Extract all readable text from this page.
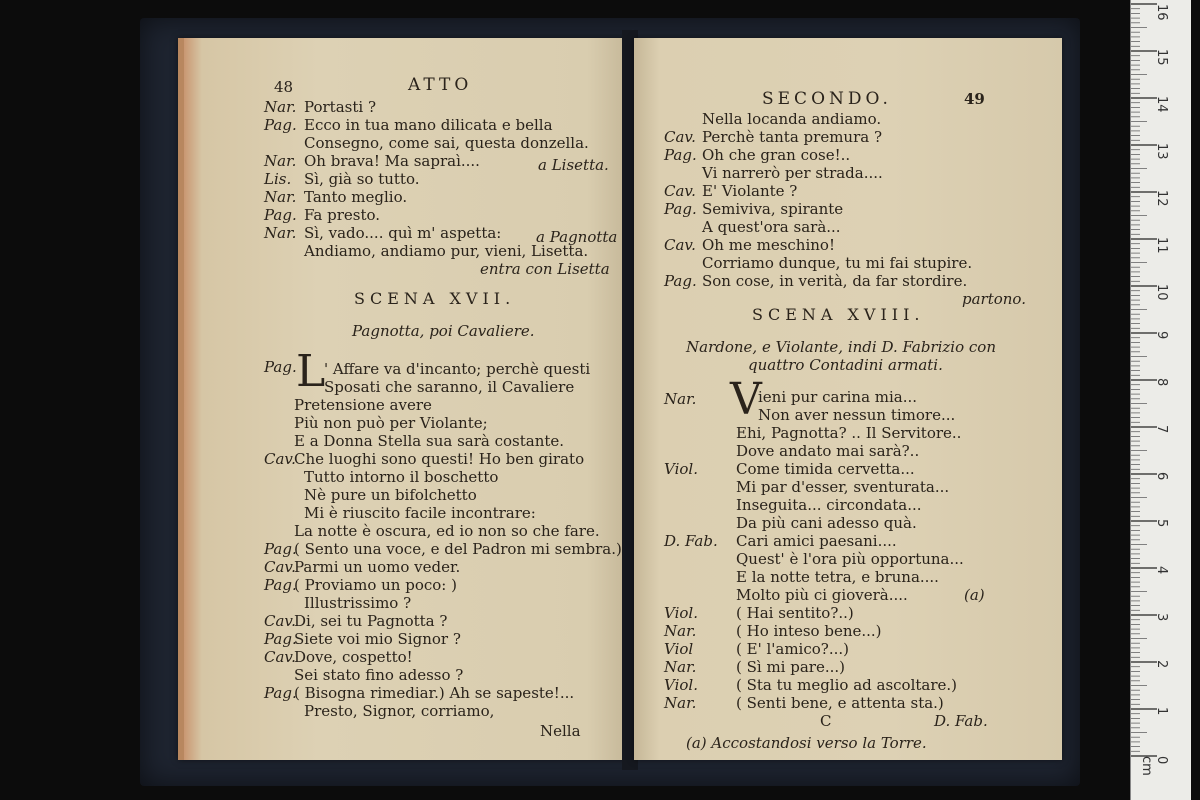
48	ATTO
Nar. Portasti ?
Pag. Ecco in tua mano dilicata e bella
Consegno, come sai, questa donzella.
Nar. Oh brava! Ma sapraì....	a Lisetta.
Lis. Sì, già so tutto.
Nar. Tanto meglio.
Pag. Fa presto.
Nar. Sì, vado.... quì m' aspetta: a Pagnotta
Andiamo, andiamo pur, vieni, Lisetta.
entra con Lisetta
SCENA XVII.
Pagnotta, poi Cavaliere.
Pag. L
' Affare va d'incanto; perchè questi
Sposati che saranno, il Cavaliere
Pretensione avere
Più non può per Violante;
E a Donna Stella sua sarà costante.
Cav.
Che luoghi sono questi! Ho ben girato
Tutto intorno il boschetto
Nè pure un bifolchetto
Mi è riuscito facile incontrare:
La notte è oscura, ed io non so che fare.
Pag.
( Sento una voce, e del Padron mi sembra.)
Cav.
Parmi un uomo veder.
Pag.
( Proviamo un poco: )
Illustrissimo ?
Cav.
Di, sei tu Pagnotta ?
Pag.
Siete voi mio Signor ?
Cav.
Dove, cospetto!
Sei stato fino adesso ?
Pag.
( Bisogna rimediar.) Ah se sapeste!...
Presto, Signor, corriamo,
Nella
SECONDO.	49
Nella locanda andiamo.
Cav. Perchè tanta premura ?
Pag. Oh che gran cose!..
Vi narrerò per strada....
Cav. E' Violante ?
Pag. Semiviva, spirante
A quest'ora sarà...
Cav. Oh me meschino!
Corriamo dunque, tu mi fai stupire.
Pag. Son cose, in verità, da far stordire.
partono.
SCENA XVIII.
Nardone, e Violante, indi D. Fabrizio con
quattro Contadini armati.
Nar. V
ieni pur carina mia...
Non aver nessun timore...
Ehi, Pagnotta? .. Il Servitore..
Dove andato mai sarà?..
Viol.	Come timida cervetta...
Mi par d'esser, sventurata...
Inseguita... circondata...
Da più cani adesso quà.
D. Fab. Cari amici paesani....
Quest' è l'ora più opportuna...
E la notte tetra, e bruna....
Molto più ci gioverà....	(a)
Viol.	( Hai sentito?..)
Nar.	( Ho inteso bene...)
Viol	( E' l'amico?...)
Nar.	( Sì mi pare...)
Viol.	( Sta tu meglio ad ascoltare.)
Nar.	( Senti bene, e attenta sta.)
C	D. Fab.
(a) Accostandosi verso la Torre.
0 cm
1
2
3
4
5
6
7
8
9
10
11
12
13
14
15
16
